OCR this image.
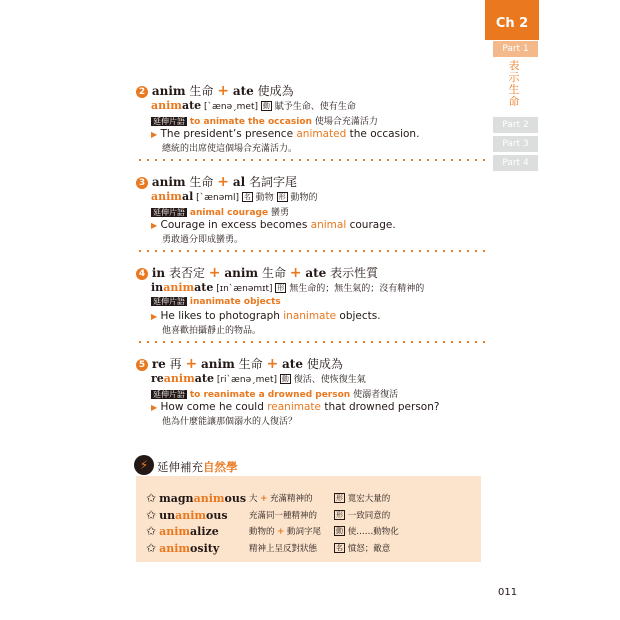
Ch 2
Part 1
表示生命
Part 2
Part 3
Part 4
2 anim 生命 + ate 使成為
animate [ˋænəˏmet] 動 賦予生命、使有生命
延伸片語 to animate the occasion 使場合充滿活力
▶ The president’s presence animated the occasion.
總統的出席使這個場合充滿活力。
3 anim 生命 + al 名詞字尾
animal [ˋænəml] 名 動物 形 動物的
延伸片語 animal courage 蠻勇
▶ Courage in excess becomes animal courage.
勇敢過分即成蠻勇。
4 in 表否定 + anim 生命 + ate 表示性質
inanimate [ɪnˋænəmɪt] 形 無生命的；無生氣的；沒有精神的
延伸片語 inanimate objects
▶ He likes to photograph inanimate objects.
他喜歡拍攝靜止的物品。
5 re 再 + anim 生命 + ate 使成為
reanimate [riˋænəˏmet] 動 復活、使恢復生氣
延伸片語 to reanimate a drowned person 使溺者復活
▶ How come he could reanimate that drowned person?
他為什麼能讓那個溺水的人復活？
⚡ 延伸補充自然學
✩ magnanimous 大 + 充滿精神的	形 寬宏大量的
✩ unanimous	充滿同一種精神的	形 一致同意的
✩ animalize	動物的 + 動詞字尾 動 使……動物化
✩ animosity	精神上呈反對狀態	名 憤怒；敵意
011
